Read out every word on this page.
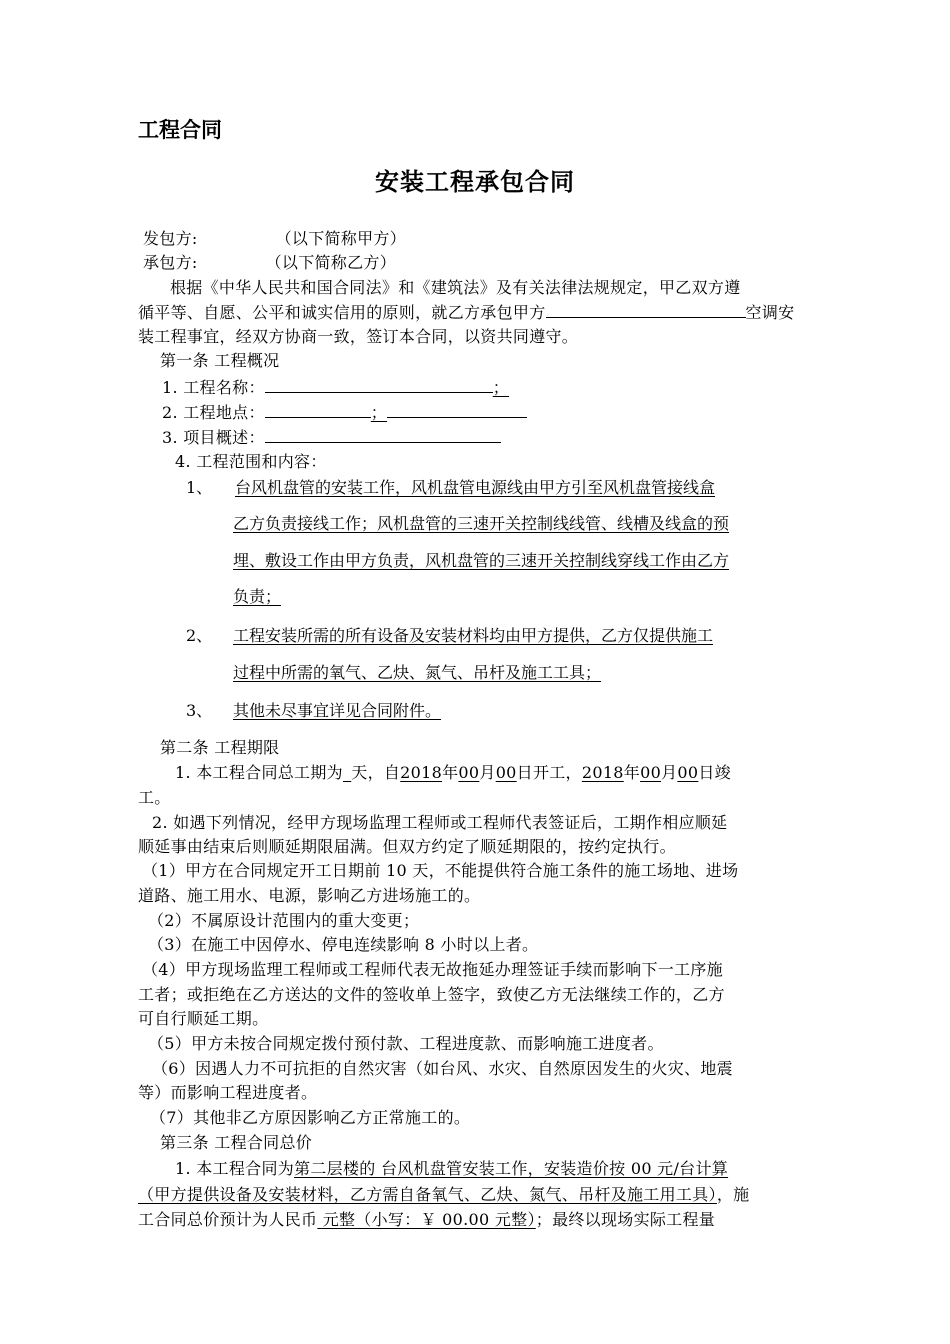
工程合同
安装工程承包合同
发包方:	（以下简称甲方）
承包方:	（以下简称乙方）
根据《中华人民共和国合同法》和《建筑法》及有关法律法规规定，甲乙双方遵
循平等、自愿、公平和诚实信用的原则，就乙方承包甲方	空调安
装工程事宜，经双方协商一致，签订本合同，以资共同遵守。
第一条 工程概况
1. 工程名称：	；
2. 工程地点：	；
3. 项目概述：
4. 工程范围和内容：
1、 台风机盘管的安装工作，风机盘管电源线由甲方引至风机盘管接线盒
乙方负责接线工作；风机盘管的三速开关控制线线管、线槽及线盒的预
埋、敷设工作由甲方负责，风机盘管的三速开关控制线穿线工作由乙方
负责；
2、 工程安装所需的所有设备及安装材料均由甲方提供，乙方仅提供施工
过程中所需的氧气、乙炔、氮气、吊杆及施工工具；
3、 其他未尽事宜详见合同附件。
第二条 工程期限
1. 本工程合同总工期为_天，自2018年00月00日开工，2018年00月00日竣
工。
2. 如遇下列情况，经甲方现场监理工程师或工程师代表签证后，工期作相应顺延
顺延事由结束后则顺延期限届满。但双方约定了顺延期限的，按约定执行。
（1）甲方在合同规定开工日期前 10 天，不能提供符合施工条件的施工场地、进场
道路、施工用水、电源，影响乙方进场施工的。
（2）不属原设计范围内的重大变更；
（3）在施工中因停水、停电连续影响 8 小时以上者。
（4）甲方现场监理工程师或工程师代表无故拖延办理签证手续而影响下一工序施
工者；或拒绝在乙方送达的文件的签收单上签字，致使乙方无法继续工作的，乙方
可自行顺延工期。
（5）甲方未按合同规定拨付预付款、工程进度款、而影响施工进度者。
（6）因遇人力不可抗拒的自然灾害（如台风、水灾、自然原因发生的火灾、地震
等）而影响工程进度者。
（7）其他非乙方原因影响乙方正常施工的。
第三条 工程合同总价
1. 本工程合同为第二层楼的 台风机盘管安装工作，安装造价按 00 元/台计算
（甲方提供设备及安装材料，乙方需自备氧气、乙炔、氮气、吊杆及施工用工具），施
工合同总价预计为人民币 元整（小写：￥ 00.00 元整）；最终以现场实际工程量
